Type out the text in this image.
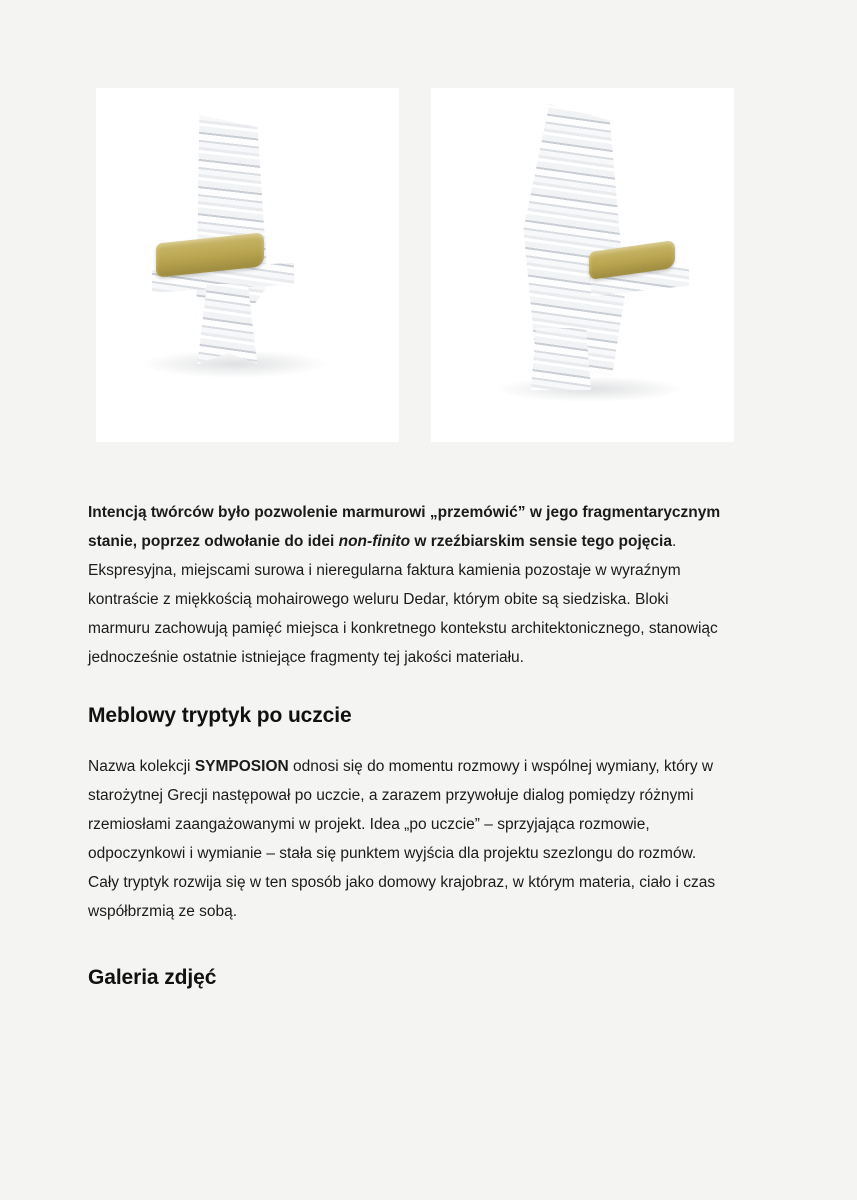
Intencją twórców było pozwolenie marmurowi „przemówić” w jego fragmentarycznym stanie, poprzez odwołanie do idei non-finito w rzeźbiarskim sensie tego pojęcia. Ekspresyjna, miejscami surowa i nieregularna faktura kamienia pozostaje w wyraźnym kontraście z miękkością mohairowego weluru Dedar, którym obite są siedziska. Bloki marmuru zachowują pamięć miejsca i konkretnego kontekstu architektonicznego, stanowiąc jednocześnie ostatnie istniejące fragmenty tej jakości materiału.

Meblowy tryptyk po uczcie

Nazwa kolekcji SYMPOSION odnosi się do momentu rozmowy i wspólnej wymiany, który w starożytnej Grecji następował po uczcie, a zarazem przywołuje dialog pomiędzy różnymi rzemiosłami zaangażowanymi w projekt. Idea „po uczcie” – sprzyjająca rozmowie, odpoczynkowi i wymianie – stała się punktem wyjścia dla projektu szezlongu do rozmów. Cały tryptyk rozwija się w ten sposób jako domowy krajobraz, w którym materia, ciało i czas współbrzmią ze sobą.

Galeria zdjęć
